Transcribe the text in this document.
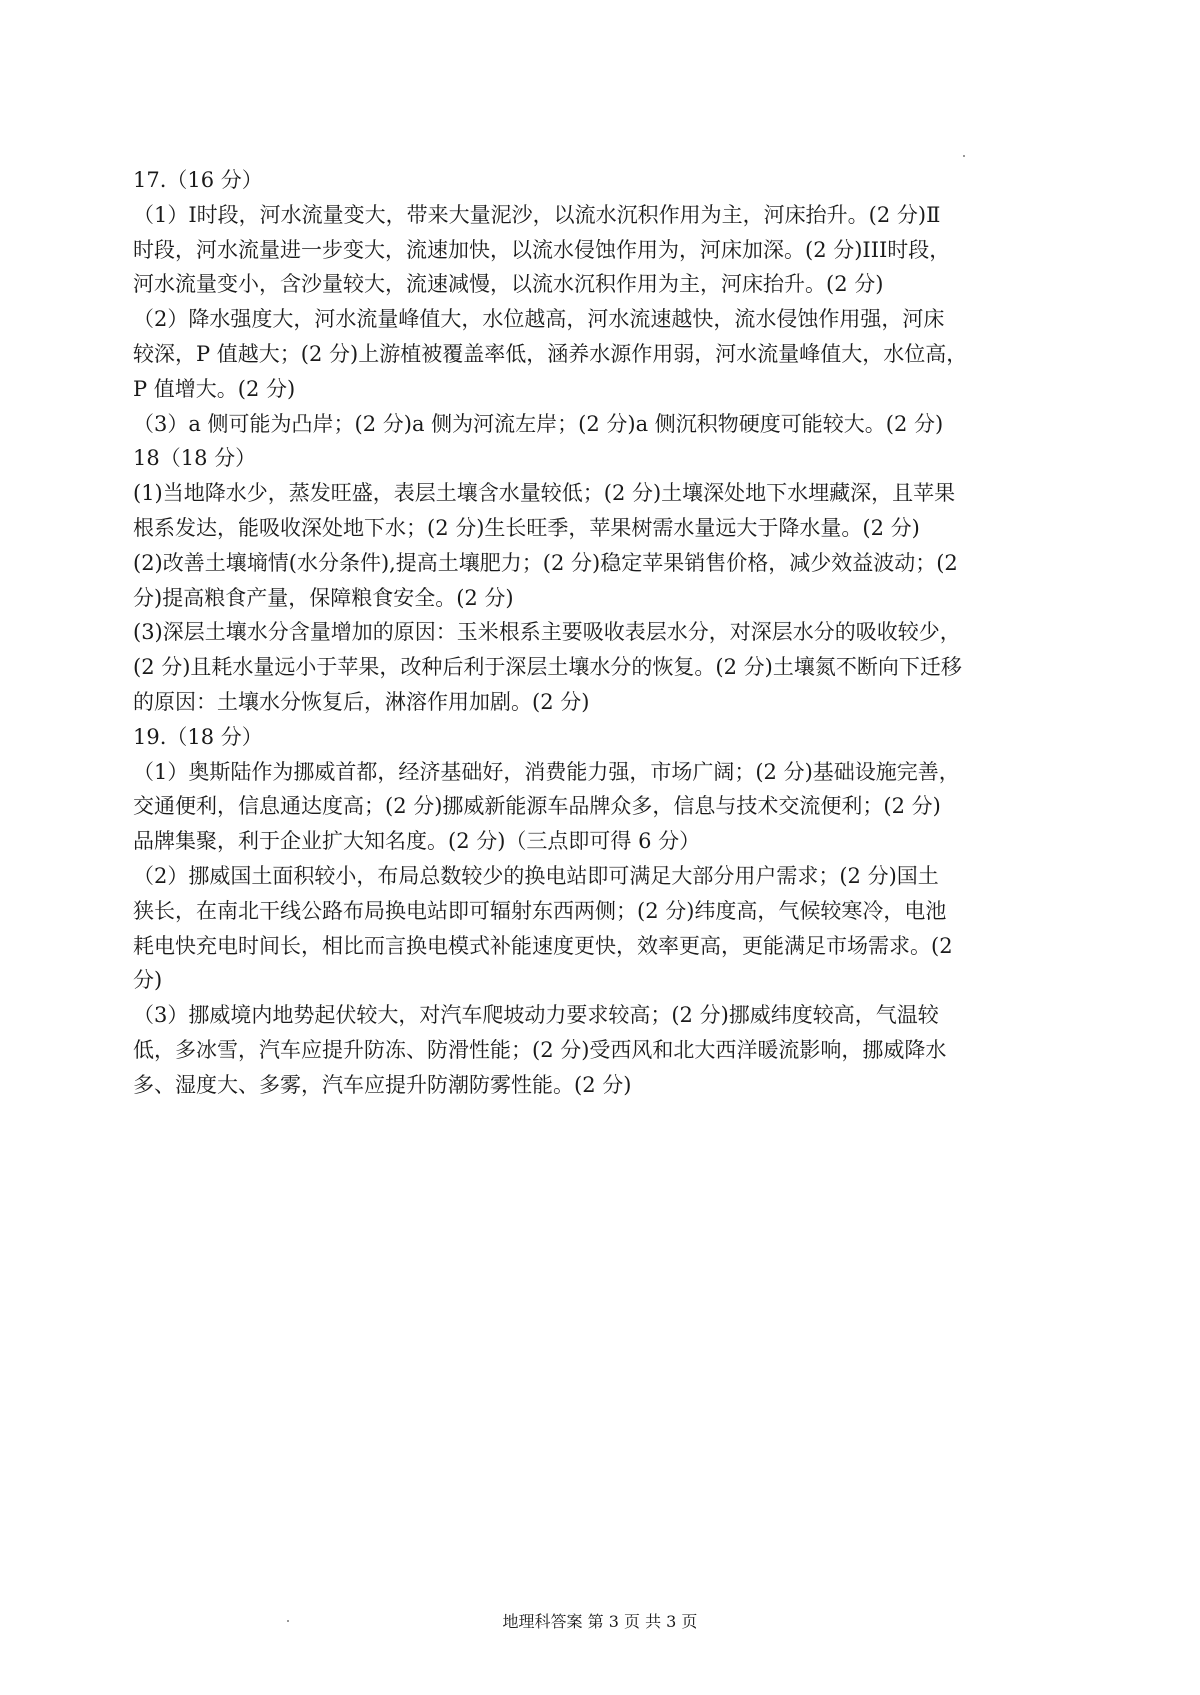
17.（16 分）
（1）Ⅰ时段，河水流量变大，带来大量泥沙，以流水沉积作用为主，河床抬升。(2 分)Ⅱ
时段，河水流量进一步变大，流速加快，以流水侵蚀作用为，河床加深。(2 分)III时段，
河水流量变小，含沙量较大，流速减慢，以流水沉积作用为主，河床抬升。(2 分)
（2）降水强度大，河水流量峰值大，水位越高，河水流速越快，流水侵蚀作用强，河床
较深，P 值越大；(2 分)上游植被覆盖率低，涵养水源作用弱，河水流量峰值大，水位高，
P 值增大。(2 分)
（3）a 侧可能为凸岸；(2 分)a 侧为河流左岸；(2 分)a 侧沉积物硬度可能较大。(2 分)
18（18 分）
(1)当地降水少，蒸发旺盛，表层土壤含水量较低；(2 分)土壤深处地下水埋藏深，且苹果
根系发达，能吸收深处地下水；(2 分)生长旺季，苹果树需水量远大于降水量。(2 分)
(2)改善土壤墒情(水分条件),提高土壤肥力；(2 分)稳定苹果销售价格，减少效益波动；(2
分)提高粮食产量，保障粮食安全。(2 分)
(3)深层土壤水分含量增加的原因：玉米根系主要吸收表层水分，对深层水分的吸收较少，
(2 分)且耗水量远小于苹果，改种后利于深层土壤水分的恢复。(2 分)土壤氮不断向下迁移
的原因：土壤水分恢复后，淋溶作用加剧。(2 分)
19.（18 分）
（1）奥斯陆作为挪威首都，经济基础好，消费能力强，市场广阔；(2 分)基础设施完善，
交通便利，信息通达度高；(2 分)挪威新能源车品牌众多，信息与技术交流便利；(2 分)
品牌集聚，利于企业扩大知名度。(2 分)（三点即可得 6 分）
（2）挪威国土面积较小，布局总数较少的换电站即可满足大部分用户需求；(2 分)国土
狭长，在南北干线公路布局换电站即可辐射东西两侧；(2 分)纬度高，气候较寒冷，电池
耗电快充电时间长，相比而言换电模式补能速度更快，效率更高，更能满足市场需求。(2
分)
（3）挪威境内地势起伏较大，对汽车爬坡动力要求较高；(2 分)挪威纬度较高，气温较
低，多冰雪，汽车应提升防冻、防滑性能；(2 分)受西风和北大西洋暖流影响，挪威降水
多、湿度大、多雾，汽车应提升防潮防雾性能。(2 分)
地理科答案 第 3 页 共 3 页
